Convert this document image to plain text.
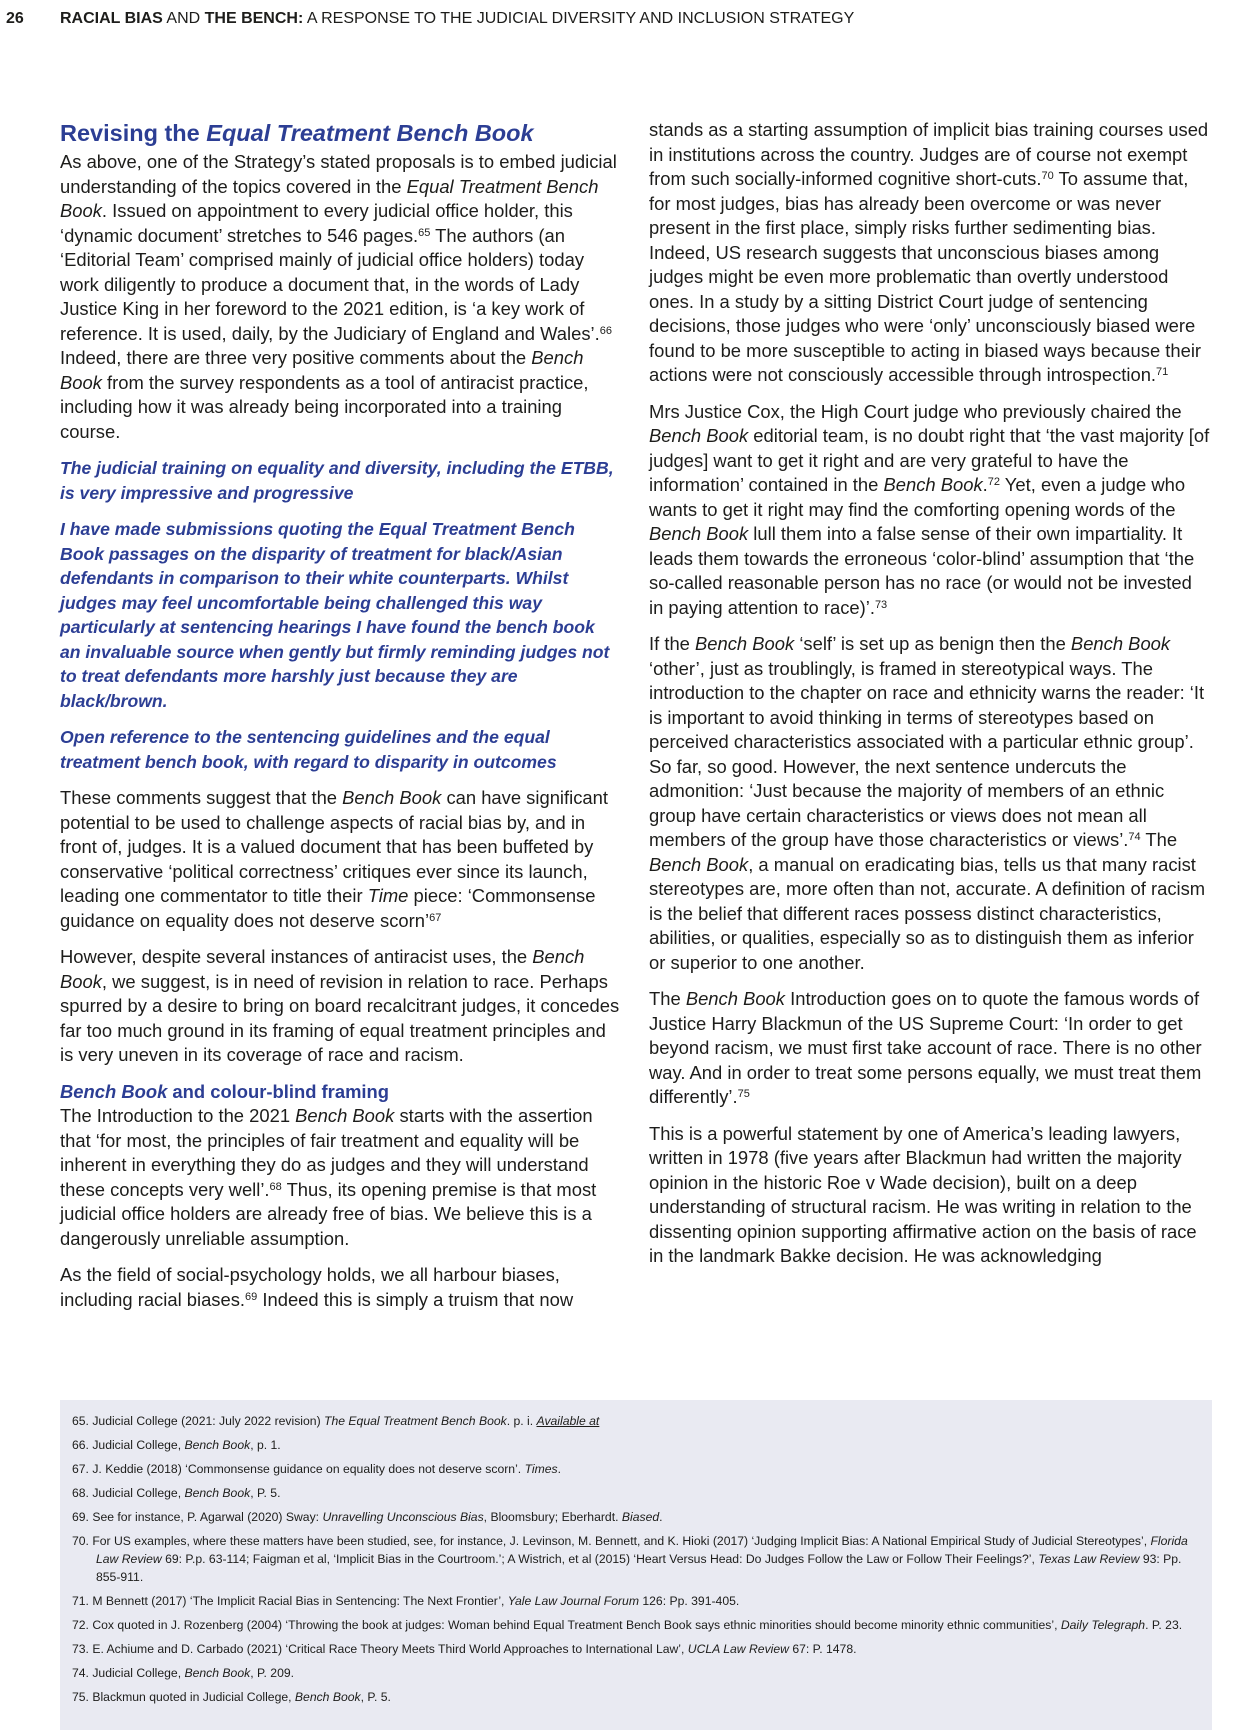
26 RACIAL BIAS AND THE BENCH: A RESPONSE TO THE JUDICIAL DIVERSITY AND INCLUSION STRATEGY
Revising the Equal Treatment Bench Book

As above, one of the Strategy’s stated proposals is to embed judicial understanding of the topics covered in the Equal Treatment Bench Book. Issued on appointment to every judicial office holder, this ‘dynamic document’ stretches to 546 pages.$^{65}$ The authors (an ‘Editorial Team’ comprised mainly of judicial office holders) today work diligently to produce a document that, in the words of Lady Justice King in her foreword to the 2021 edition, is ‘a key work of reference. It is used, daily, by the Judiciary of England and Wales’.$^{66}$ Indeed, there are three very positive comments about the Bench Book from the survey respondents as a tool of antiracist practice, including how it was already being incorporated into a training course.

The judicial training on equality and diversity, including the ETBB, is very impressive and progressive

I have made submissions quoting the Equal Treatment Bench Book passages on the disparity of treatment for black/Asian defendants in comparison to their white counterparts. Whilst judges may feel uncomfortable being challenged this way particularly at sentencing hearings I have found the bench book an invaluable source when gently but firmly reminding judges not to treat defendants more harshly just because they are black/brown.

Open reference to the sentencing guidelines and the equal treatment bench book, with regard to disparity in outcomes

These comments suggest that the Bench Book can have significant potential to be used to challenge aspects of racial bias by, and in front of, judges. It is a valued document that has been buffeted by conservative ‘political correctness’ critiques ever since its launch, leading one commentator to title their Time piece: ‘Commonsense guidance on equality does not deserve scorn’$^{67}$

However, despite several instances of antiracist uses, the Bench Book, we suggest, is in need of revision in relation to race. Perhaps spurred by a desire to bring on board recalcitrant judges, it concedes far too much ground in its framing of equal treatment principles and is very uneven in its coverage of race and racism.

Bench Book and colour-blind framing

The Introduction to the 2021 Bench Book starts with the assertion that ‘for most, the principles of fair treatment and equality will be inherent in everything they do as judges and they will understand these concepts very well’.$^{68}$ Thus, its opening premise is that most judicial office holders are already free of bias. We believe this is a dangerously unreliable assumption.

As the field of social-psychology holds, we all harbour biases, including racial biases.$^{69}$ Indeed this is simply a truism that now

stands as a starting assumption of implicit bias training courses used in institutions across the country. Judges are of course not exempt from such socially-informed cognitive short-cuts.$^{70}$ To assume that, for most judges, bias has already been overcome or was never present in the first place, simply risks further sedimenting bias. Indeed, US research suggests that unconscious biases among judges might be even more problematic than overtly understood ones. In a study by a sitting District Court judge of sentencing decisions, those judges who were ‘only’ unconsciously biased were found to be more susceptible to acting in biased ways because their actions were not consciously accessible through introspection.$^{71}$

Mrs Justice Cox, the High Court judge who previously chaired the Bench Book editorial team, is no doubt right that ‘the vast majority [of judges] want to get it right and are very grateful to have the information’ contained in the Bench Book.$^{72}$ Yet, even a judge who wants to get it right may find the comforting opening words of the Bench Book lull them into a false sense of their own impartiality. It leads them towards the erroneous ‘color-blind’ assumption that ‘the so-called reasonable person has no race (or would not be invested in paying attention to race)’.$^{73}$

If the Bench Book ‘self’ is set up as benign then the Bench Book ‘other’, just as troublingly, is framed in stereotypical ways. The introduction to the chapter on race and ethnicity warns the reader: ‘It is important to avoid thinking in terms of stereotypes based on perceived characteristics associated with a particular ethnic group’. So far, so good. However, the next sentence undercuts the admonition: ‘Just because the majority of members of an ethnic group have certain characteristics or views does not mean all members of the group have those characteristics or views’.$^{74}$ The Bench Book, a manual on eradicating bias, tells us that many racist stereotypes are, more often than not, accurate. A definition of racism is the belief that different races possess distinct characteristics, abilities, or qualities, especially so as to distinguish them as inferior or superior to one another.

The Bench Book Introduction goes on to quote the famous words of Justice Harry Blackmun of the US Supreme Court: ‘In order to get beyond racism, we must first take account of race. There is no other way. And in order to treat some persons equally, we must treat them differently’.$^{75}$

This is a powerful statement by one of America’s leading lawyers, written in 1978 (five years after Blackmun had written the majority opinion in the historic Roe v Wade decision), built on a deep understanding of structural racism. He was writing in relation to the dissenting opinion supporting affirmative action on the basis of race in the landmark Bakke decision. He was acknowledging

65. Judicial College (2021: July 2022 revision) The Equal Treatment Bench Book. p. i. Available at

66. Judicial College, Bench Book, p. 1.

67. J. Keddie (2018) ‘Commonsense guidance on equality does not deserve scorn’. Times.

68. Judicial College, Bench Book, P. 5.

69. See for instance, P. Agarwal (2020) Sway: Unravelling Unconscious Bias, Bloomsbury; Eberhardt. Biased.

70. For US examples, where these matters have been studied, see, for instance, J. Levinson, M. Bennett, and K. Hioki (2017) ‘Judging Implicit Bias: A National Empirical Study of Judicial Stereotypes’, Florida Law Review 69: P.p. 63-114; Faigman et al, ‘Implicit Bias in the Courtroom.’; A Wistrich, et al (2015) ‘Heart Versus Head: Do Judges Follow the Law or Follow Their Feelings?’, Texas Law Review 93: Pp. 855-911.

71. M Bennett (2017) ‘The Implicit Racial Bias in Sentencing: The Next Frontier’, Yale Law Journal Forum 126: Pp. 391-405.

72. Cox quoted in J. Rozenberg (2004) ‘Throwing the book at judges: Woman behind Equal Treatment Bench Book says ethnic minorities should become minority ethnic communities’, Daily Telegraph. P. 23.

73. E. Achiume and D. Carbado (2021) ‘Critical Race Theory Meets Third World Approaches to International Law’, UCLA Law Review 67: P. 1478.

74. Judicial College, Bench Book, P. 209.

75. Blackmun quoted in Judicial College, Bench Book, P. 5.
